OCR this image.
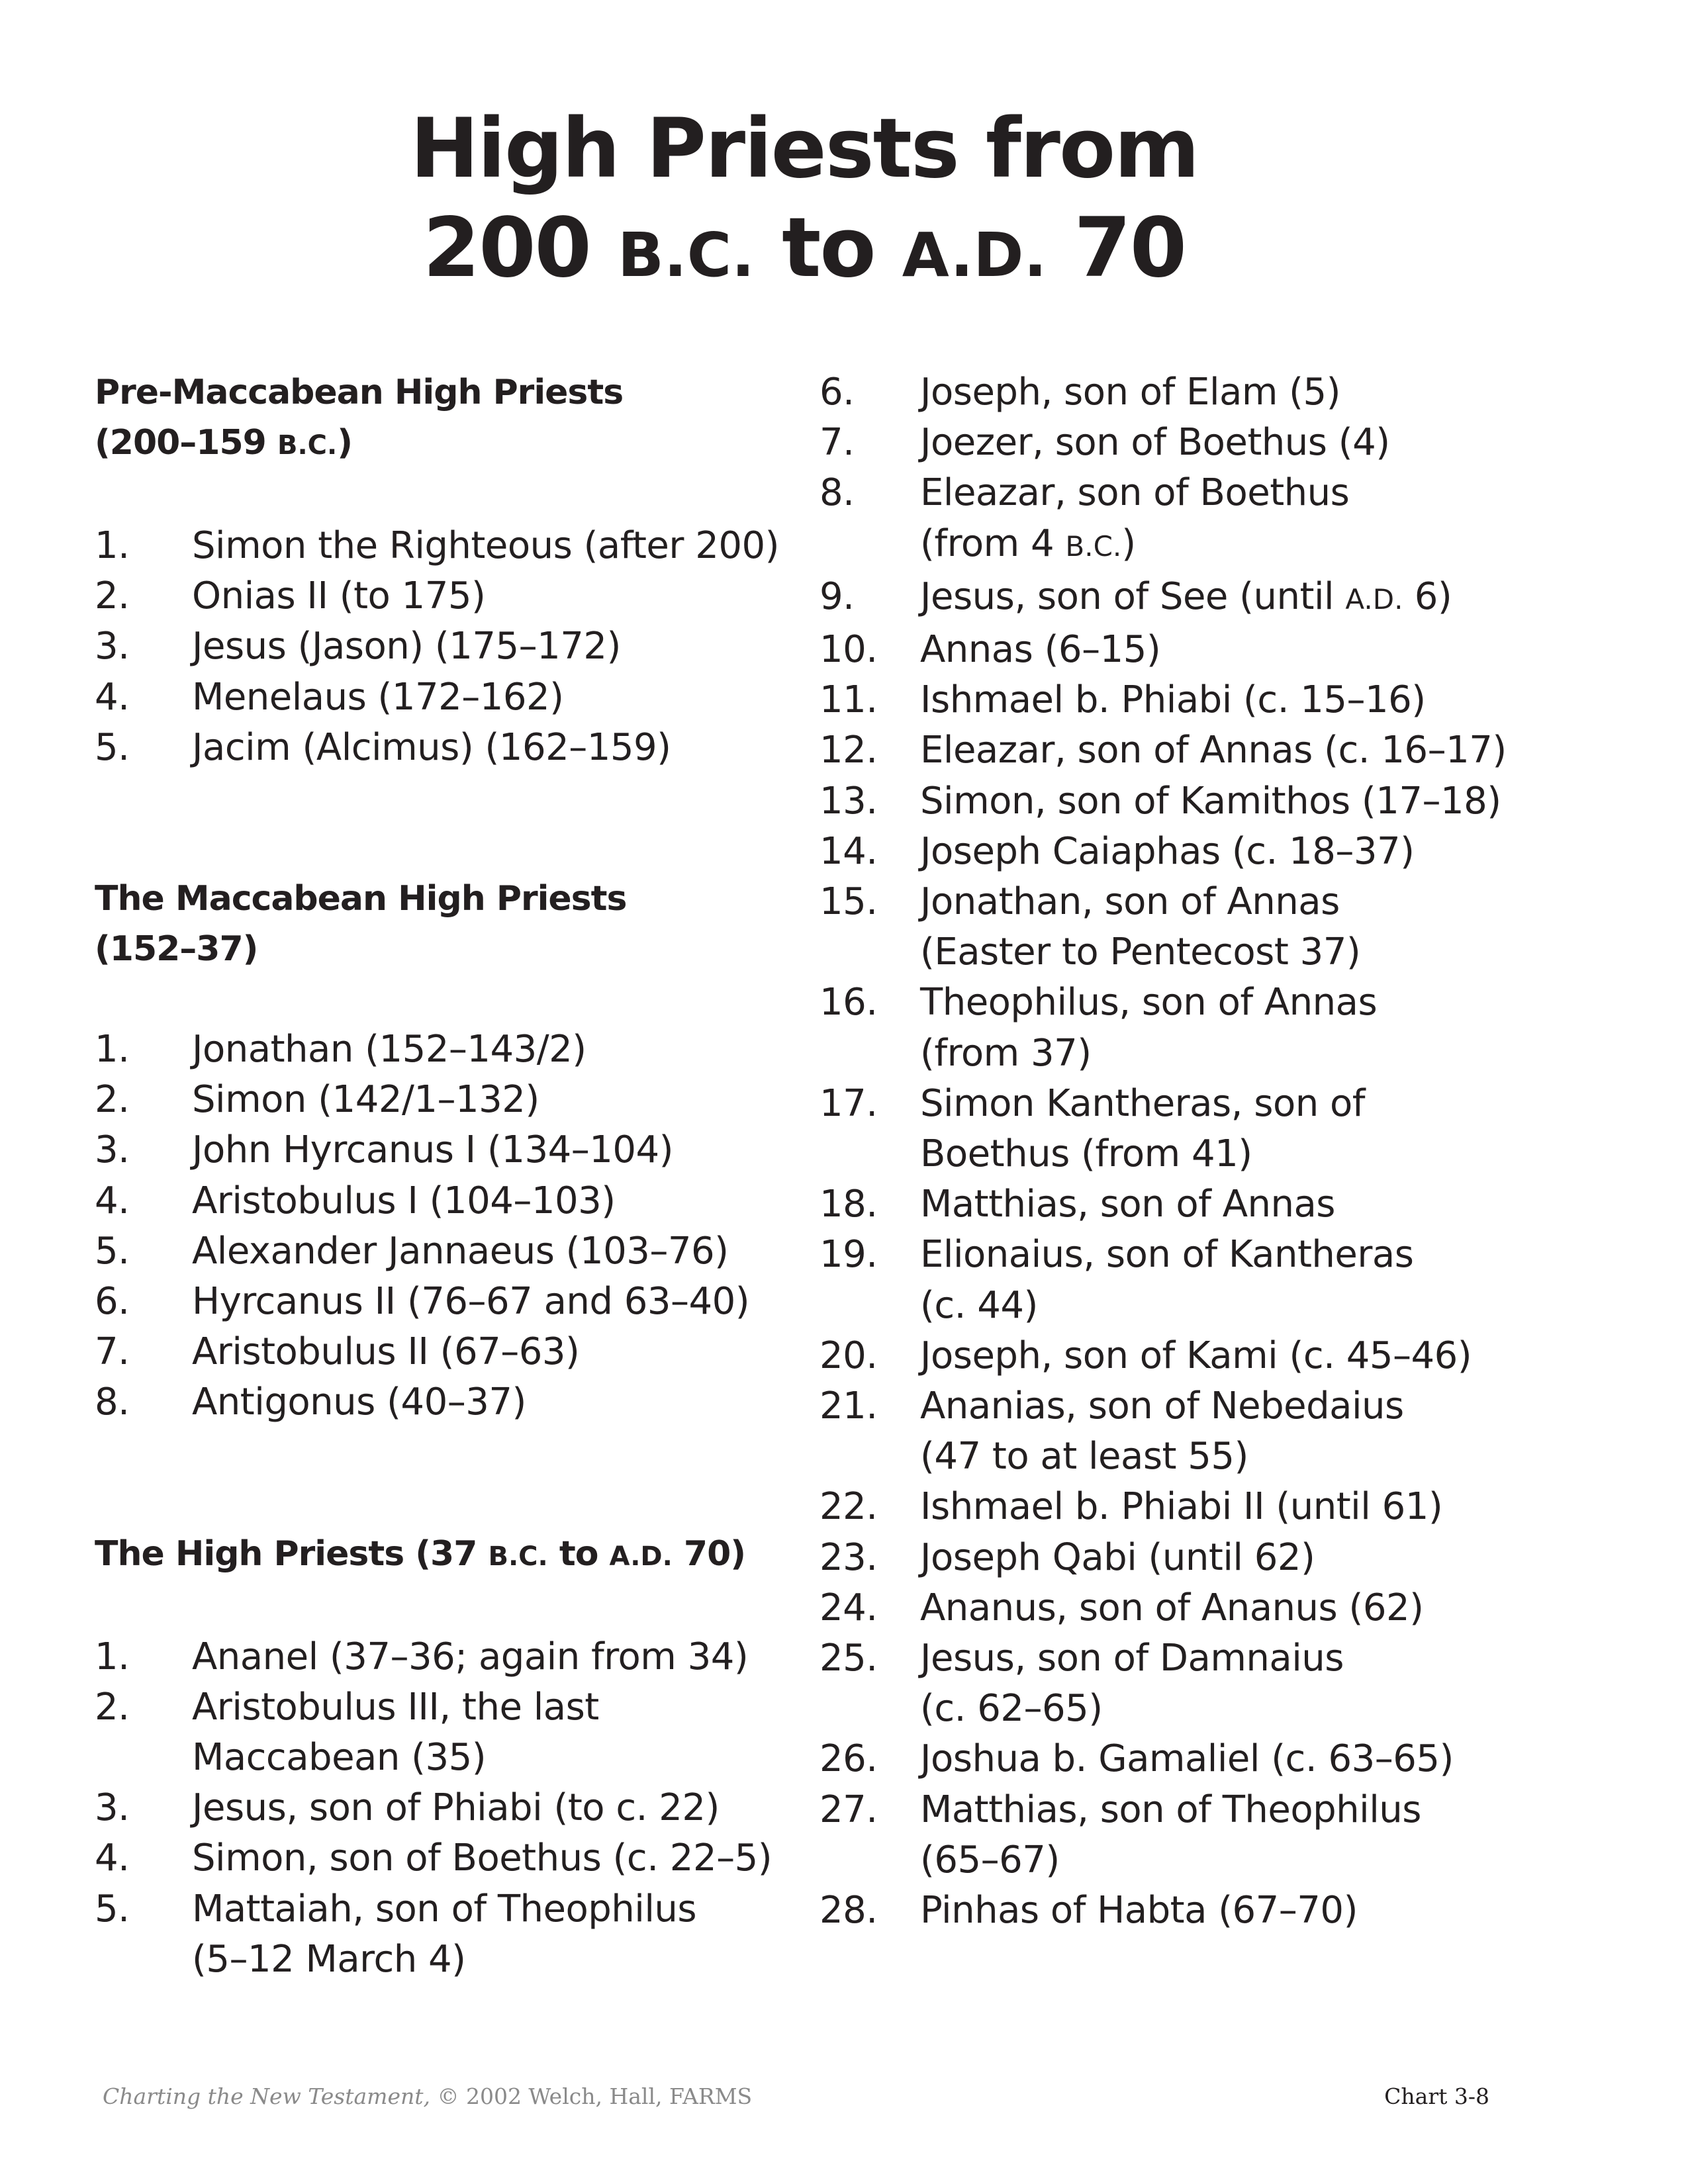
High Priests from
200 B.C. to A.D. 70
Pre-Maccabean High Priests
(200–159 B.C.)
1.	Simon the Righteous (after 200)
2.	Onias II (to 175)
3.	Jesus (Jason) (175–172)
4.	Menelaus (172–162)
5.	Jacim (Alcimus) (162–159)
The Maccabean High Priests
(152–37)
1.	Jonathan (152–143/2)
2.	Simon (142/1–132)
3.	John Hyrcanus I (134–104)
4.	Aristobulus I (104–103)
5.	Alexander Jannaeus (103–76)
6.	Hyrcanus II (76–67 and 63–40)
7.	Aristobulus II (67–63)
8.	Antigonus (40–37)
The High Priests (37 B.C. to A.D. 70)
1.	Ananel (37–36; again from 34)
2.	Aristobulus III, the last
Maccabean (35)
3.	Jesus, son of Phiabi (to c. 22)
4.	Simon, son of Boethus (c. 22–5)
5.	Mattaiah, son of Theophilus
(5–12 March 4)
6.	Joseph, son of Elam (5)
7.	Joezer, son of Boethus (4)
8.	Eleazar, son of Boethus
(from 4 B.C.)
9.	Jesus, son of See (until A.D. 6)
10.	Annas (6–15)
11.	Ishmael b. Phiabi (c. 15–16)
12.	Eleazar, son of Annas (c. 16–17)
13.	Simon, son of Kamithos (17–18)
14.	Joseph Caiaphas (c. 18–37)
15.	Jonathan, son of Annas
(Easter to Pentecost 37)
16.	Theophilus, son of Annas
(from 37)
17.	Simon Kantheras, son of
Boethus (from 41)
18.	Matthias, son of Annas
19.	Elionaius, son of Kantheras
(c. 44)
20.	Joseph, son of Kami (c. 45–46)
21.	Ananias, son of Nebedaius
(47 to at least 55)
22.	Ishmael b. Phiabi II (until 61)
23.	Joseph Qabi (until 62)
24.	Ananus, son of Ananus (62)
25.	Jesus, son of Damnaius
(c. 62–65)
26.	Joshua b. Gamaliel (c. 63–65)
27.	Matthias, son of Theophilus
(65–67)
28.	Pinhas of Habta (67–70)
Charting the New Testament, © 2002 Welch, Hall, FARMS	Chart 3-8
